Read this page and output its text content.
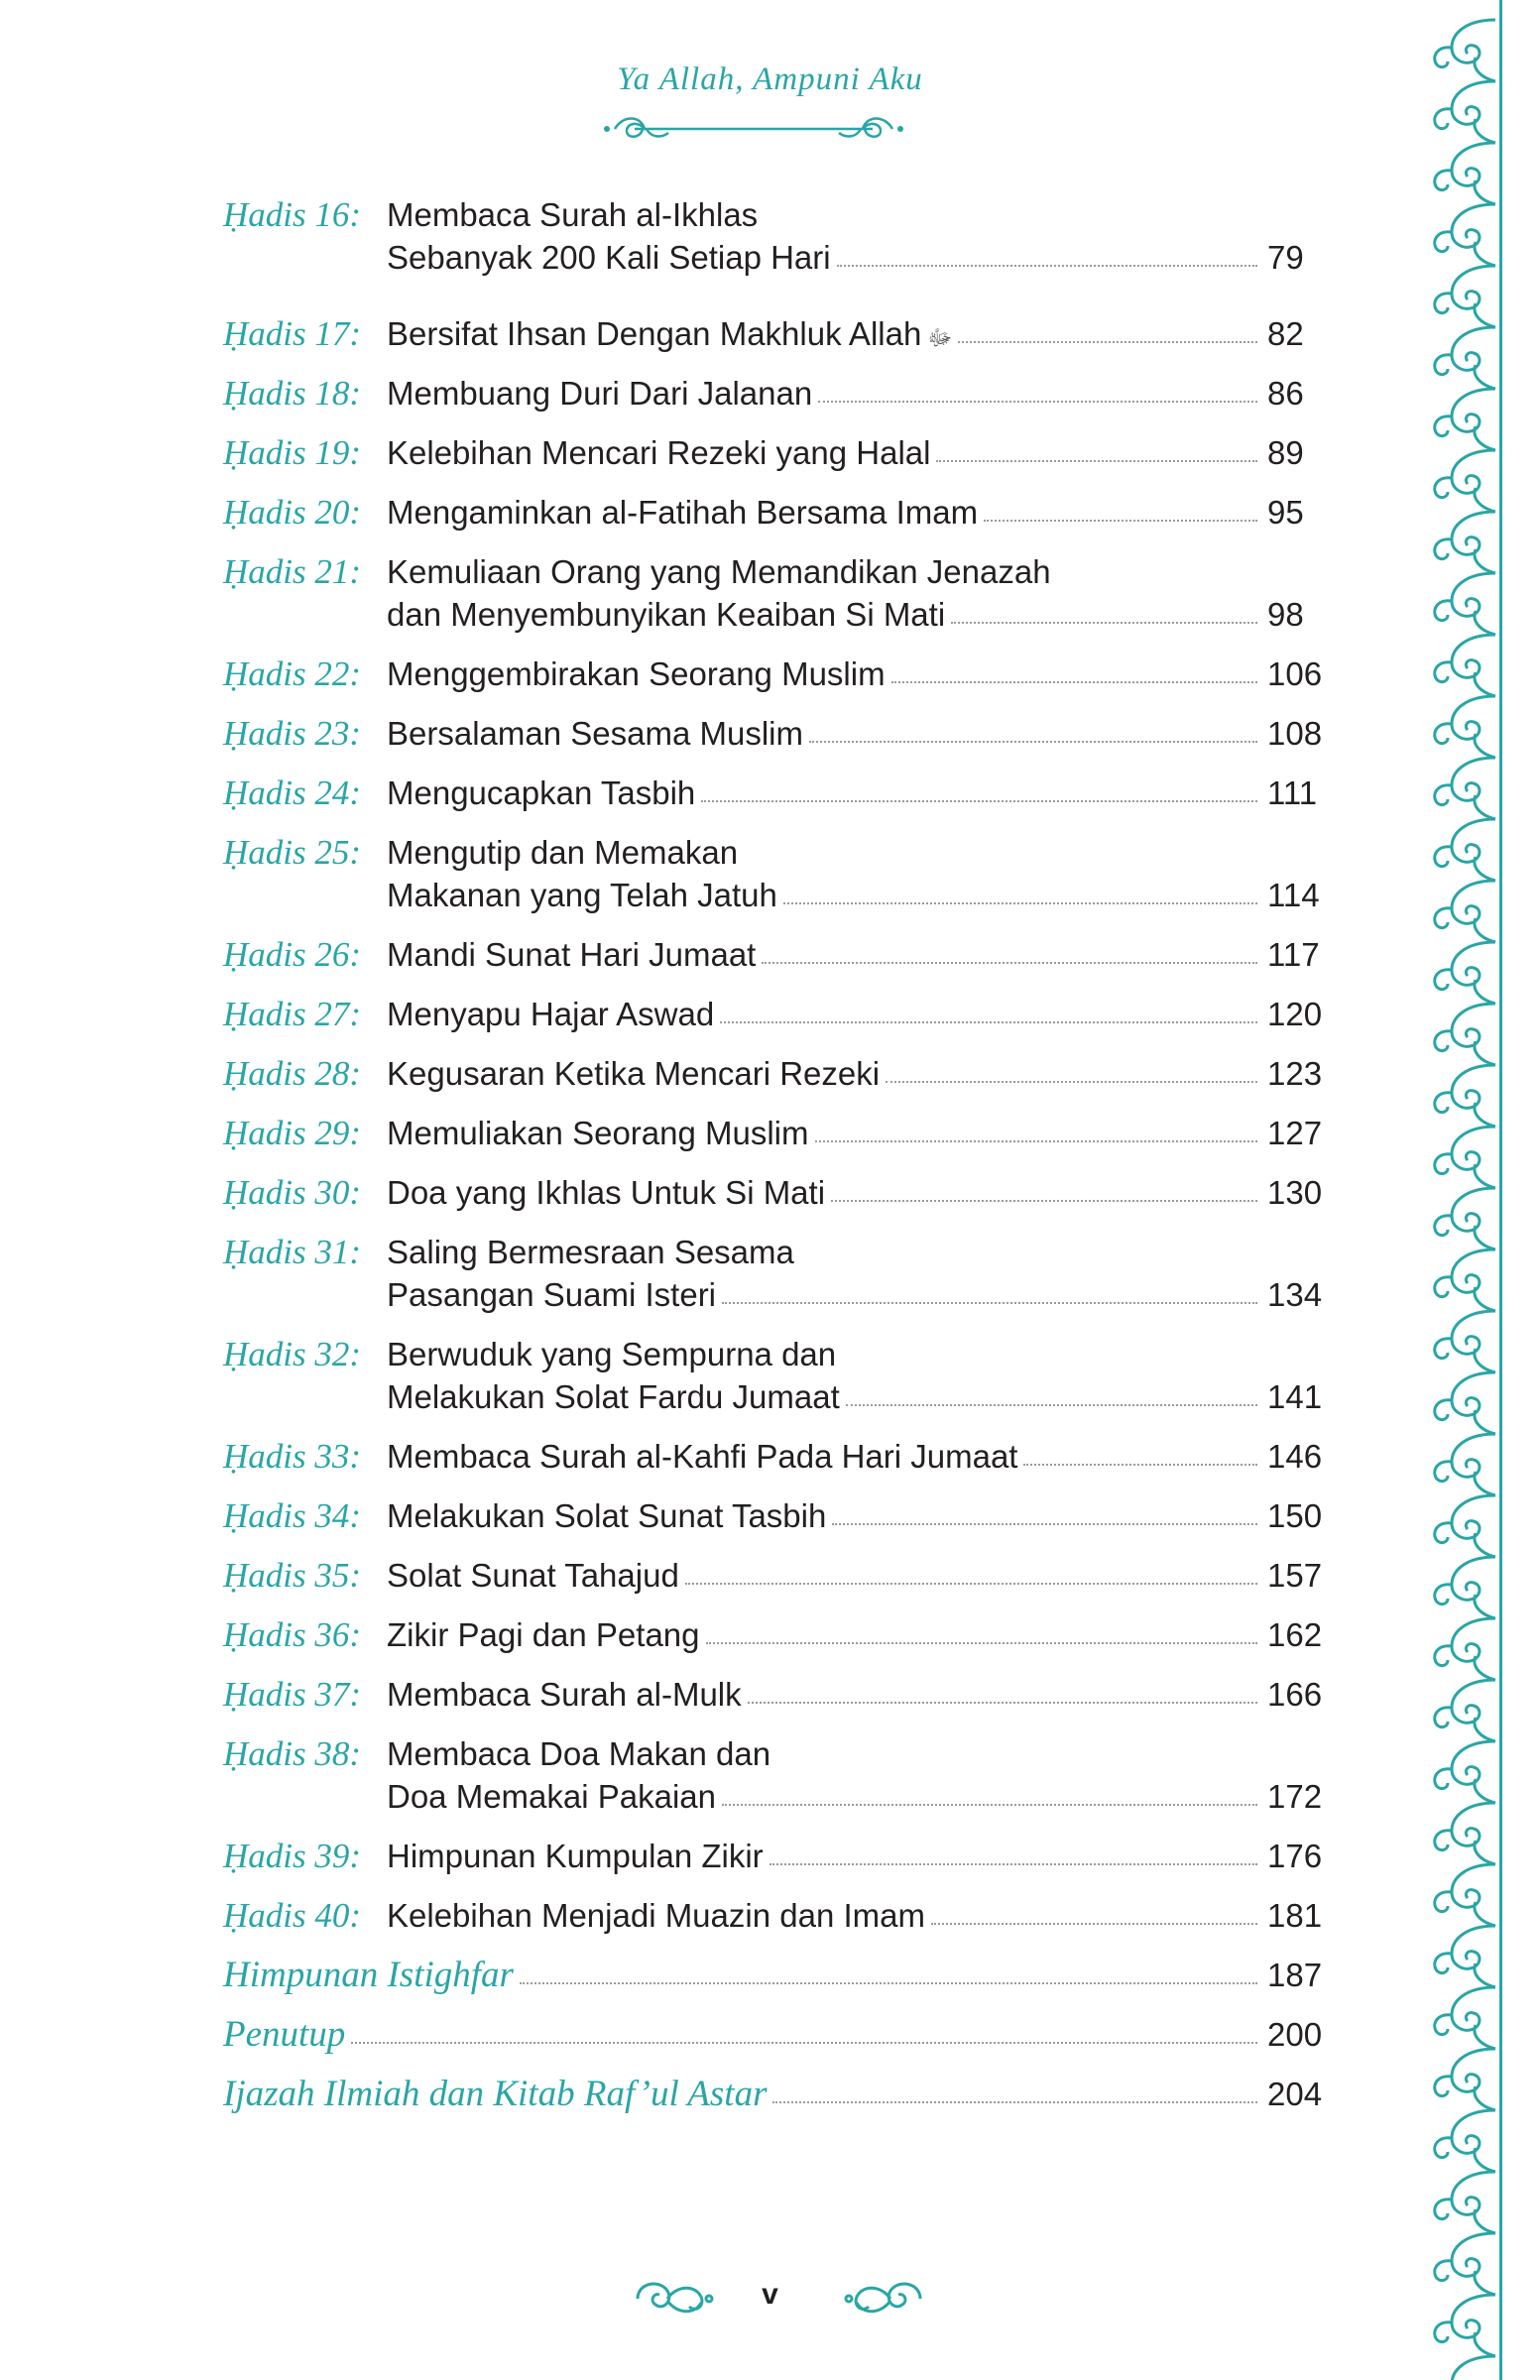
Ya Allah, Ampuni Aku
Ḥadis 16: Membaca Surah al-Ikhlas
Sebanyak 200 Kali Setiap Hari	79
Ḥadis 17: Bersifat Ihsan Dengan Makhluk Allah ﷻ	82
Ḥadis 18: Membuang Duri Dari Jalanan	86
Ḥadis 19: Kelebihan Mencari Rezeki yang Halal	89
Ḥadis 20: Mengaminkan al-Fatihah Bersama Imam	95
Ḥadis 21: Kemuliaan Orang yang Memandikan Jenazah
dan Menyembunyikan Keaiban Si Mati	98
Ḥadis 22: Menggembirakan Seorang Muslim	106
Ḥadis 23: Bersalaman Sesama Muslim	108
Ḥadis 24: Mengucapkan Tasbih	111
Ḥadis 25: Mengutip dan Memakan
Makanan yang Telah Jatuh	114
Ḥadis 26: Mandi Sunat Hari Jumaat	117
Ḥadis 27: Menyapu Hajar Aswad	120
Ḥadis 28: Kegusaran Ketika Mencari Rezeki	123
Ḥadis 29: Memuliakan Seorang Muslim	127
Ḥadis 30: Doa yang Ikhlas Untuk Si Mati	130
Ḥadis 31: Saling Bermesraan Sesama
Pasangan Suami Isteri	134
Ḥadis 32: Berwuduk yang Sempurna dan
Melakukan Solat Fardu Jumaat	141
Ḥadis 33: Membaca Surah al-Kahfi Pada Hari Jumaat	146
Ḥadis 34: Melakukan Solat Sunat Tasbih	150
Ḥadis 35: Solat Sunat Tahajud	157
Ḥadis 36: Zikir Pagi dan Petang	162
Ḥadis 37: Membaca Surah al-Mulk	166
Ḥadis 38: Membaca Doa Makan dan
Doa Memakai Pakaian	172
Ḥadis 39: Himpunan Kumpulan Zikir	176
Ḥadis 40: Kelebihan Menjadi Muazin dan Imam	181
Himpunan Istighfar	187
Penutup	200
Ijazah Ilmiah dan Kitab Raf’ul Astar	204
v
